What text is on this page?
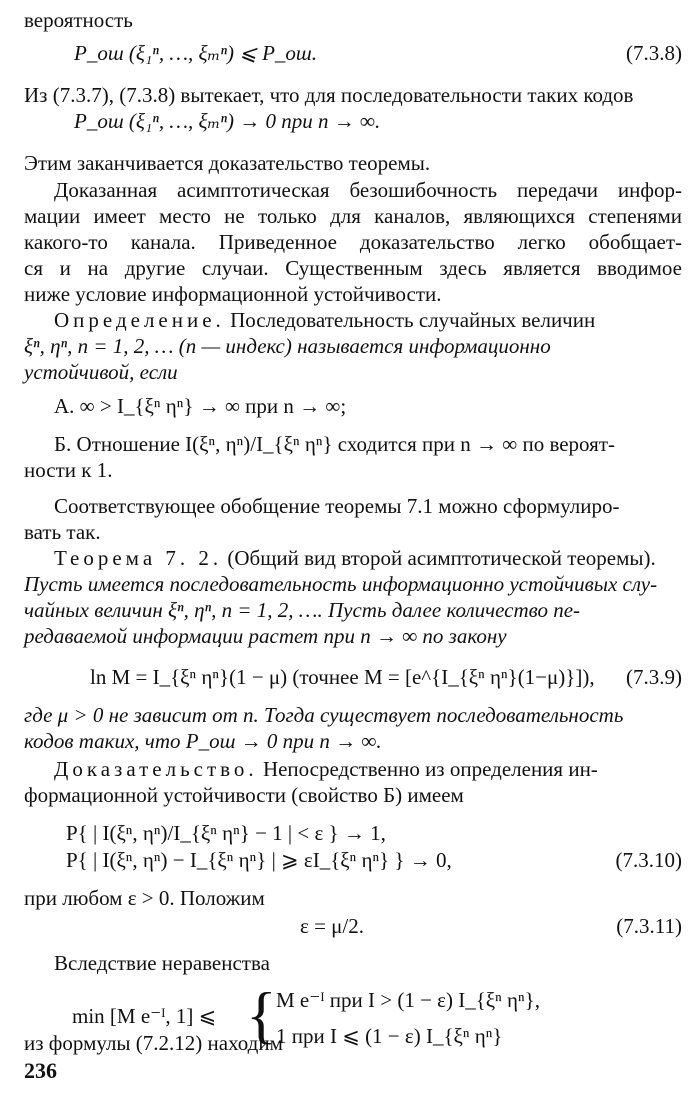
вероятность
P_ош (ξ₁ⁿ, …, ξₘⁿ) ⩽ P_ош.	(7.3.8)
Из (7.3.7), (7.3.8) вытекает, что для последовательности таких кодов
P_ош (ξ₁ⁿ, …, ξₘⁿ) → 0 при n → ∞.
Этим заканчивается доказательство теоремы.
Доказанная асимптотическая безошибочность передачи инфор-
мации имеет место не только для каналов, являющихся степенями
какого-то канала. Приведенное доказательство легко обобщает-
ся и на другие случаи. Существенным здесь является вводимое
ниже условие информационной устойчивости.
Определение. Последовательность случайных величин
ξⁿ, ηⁿ, n = 1, 2, … (n — индекс) называется информационно
устойчивой, если
А. ∞ > I_{ξⁿ ηⁿ} → ∞ при n → ∞;
Б. Отношение I(ξⁿ, ηⁿ)/I_{ξⁿ ηⁿ} сходится при n → ∞ по вероят-
ности к 1.
Соответствующее обобщение теоремы 7.1 можно сформулиро-
вать так.
Теорема 7. 2. (Общий вид второй асимптотической теоремы).
Пусть имеется последовательность информационно устойчивых слу-
чайных величин ξⁿ, ηⁿ, n = 1, 2, …. Пусть далее количество пе-
редаваемой информации растет при n → ∞ по закону
ln M = I_{ξⁿ ηⁿ}(1 − μ) (точнее M = [e^{I_{ξⁿ ηⁿ}(1−μ)}]), (7.3.9)
где μ > 0 не зависит от n. Тогда существует последовательность
кодов таких, что P_ош → 0 при n → ∞.
Доказательство. Непосредственно из определения ин-
формационной устойчивости (свойство Б) имеем
P{ | I(ξⁿ, ηⁿ)/I_{ξⁿ ηⁿ} − 1 | < ε } → 1,
P{ | I(ξⁿ, ηⁿ) − I_{ξⁿ ηⁿ} | ⩾ εI_{ξⁿ ηⁿ} } → 0,	(7.3.10)
при любом ε > 0. Положим
ε = μ/2.	(7.3.11)
Вследствие неравенства
min [M e⁻ᴵ, 1] ⩽ { M e⁻ᴵ при I > (1 − ε) I_{ξⁿ ηⁿ},
1 при I ⩽ (1 − ε) I_{ξⁿ ηⁿ}
из формулы (7.2.12) находим
236
